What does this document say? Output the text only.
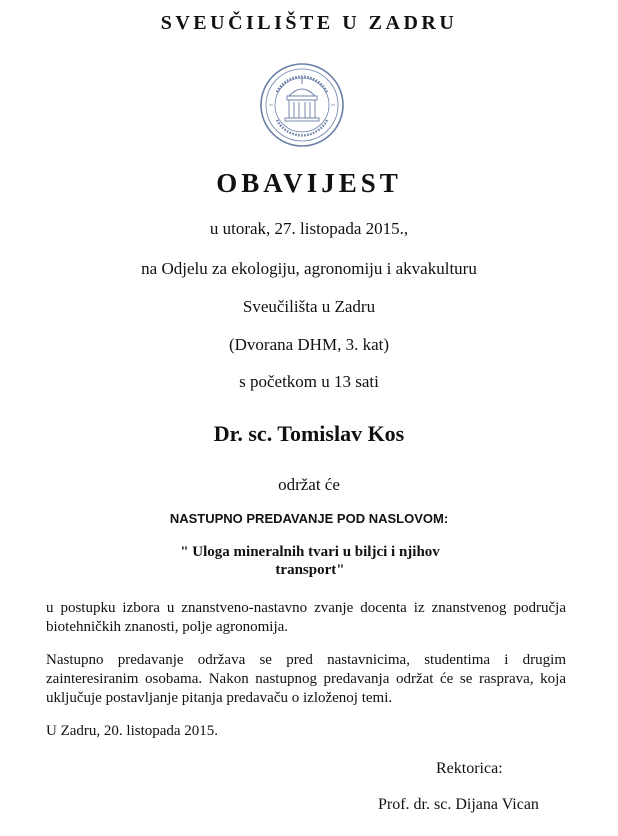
SVEUČILIŠTE U ZADRU
OBAVIJEST
u utorak, 27. listopada 2015.,
na Odjelu za ekologiju, agronomiju i akvakulturu
Sveučilišta u Zadru
(Dvorana DHM, 3. kat)
s početkom u 13 sati
Dr. sc. Tomislav Kos
održat će
NASTUPNO PREDAVANJE POD NASLOVOM:
" Uloga mineralnih tvari u biljci i njihov transport"
u postupku izbora u znanstveno-nastavno zvanje docenta iz znanstvenog područja biotehničkih znanosti, polje agronomija.
Nastupno predavanje održava se pred nastavnicima, studentima i drugim zainteresiranim osobama. Nakon nastupnog predavanja održat će se rasprava, koja uključuje postavljanje pitanja predavaču o izloženoj temi.
U Zadru, 20. listopada 2015.
Rektorica:
Prof. dr. sc. Dijana Vican
